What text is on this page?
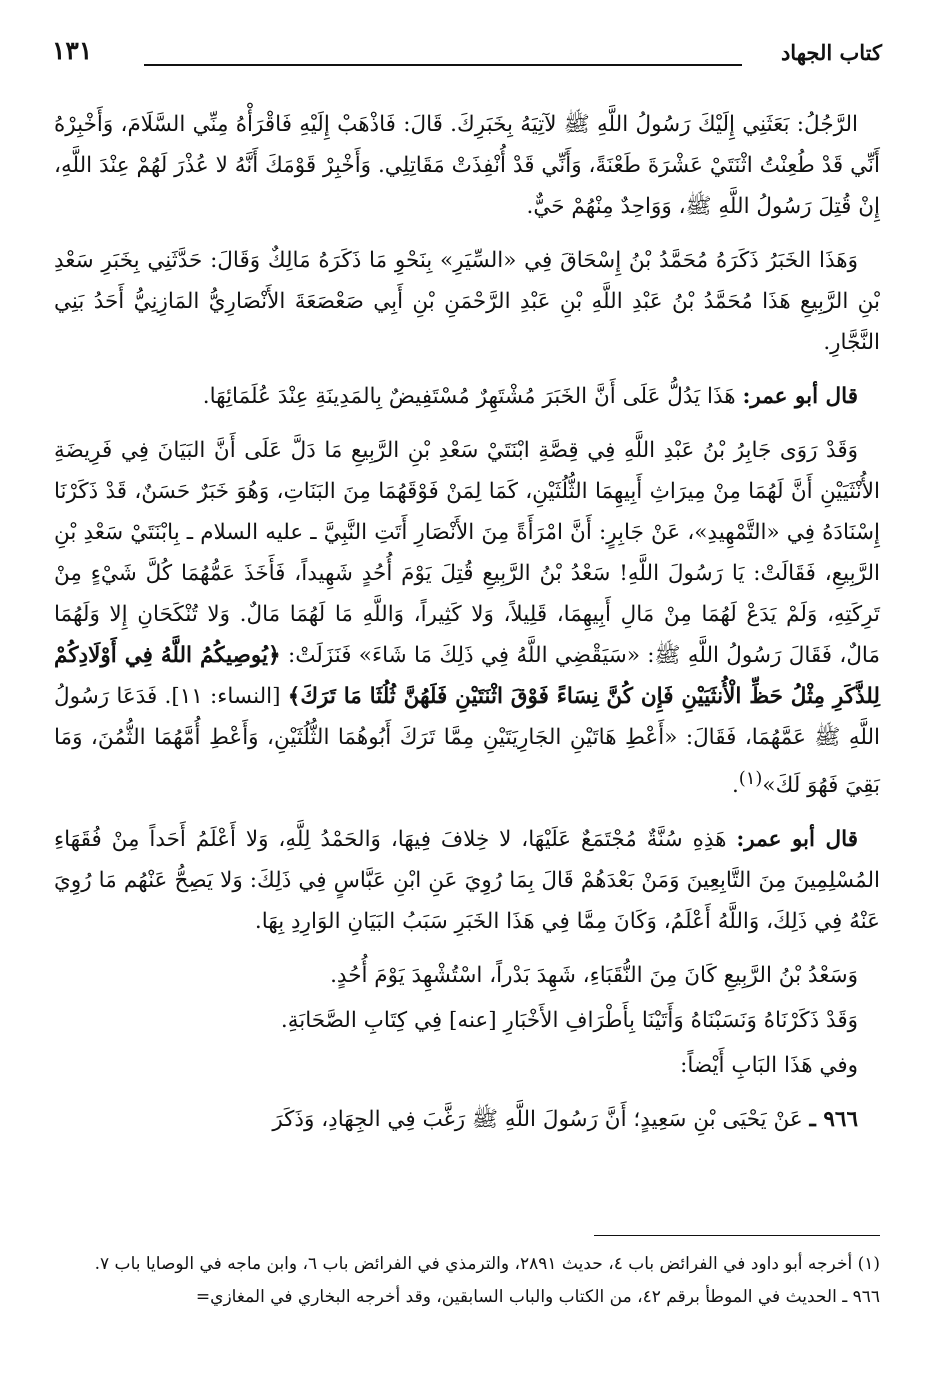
كتاب الجهاد
١٣١

الرَّجُلُ: بَعَثَنِي إِلَيْكَ رَسُولُ اللَّهِ ﷺ لآتِيَهُ بِخَبَرِكَ. قَالَ: فَاذْهَبْ إِلَيْهِ فَاقْرَأْهُ مِنِّي السَّلَامَ، وَأَخْبِرْهُ أَنِّي قَدْ طُعِنْتُ اثْنَتَيْ عَشْرَةَ طَعْنَةً، وَأَنِّي قَدْ أُنْفِذَتْ مَقَاتِلِي. وَأَخْبِرْ قَوْمَكَ أَنَّهُ لا عُذْرَ لَهُمْ عِنْدَ اللَّهِ، إِنْ قُتِلَ رَسُولُ اللَّهِ ﷺ، وَوَاحِدٌ مِنْهُمْ حَيٌّ.

وَهَذَا الخَبَرُ ذَكَرَهُ مُحَمَّدُ بْنُ إِسْحَاقَ فِي «السِّيَرِ» بِنَحْوِ مَا ذَكَرَهُ مَالِكٌ وَقَالَ: حَدَّثَنِي بِخَبَرِ سَعْدِ بْنِ الرَّبِيعِ هَذَا مُحَمَّدُ بْنُ عَبْدِ اللَّهِ بْنِ عَبْدِ الرَّحْمَنِ بْنِ أَبِي صَعْصَعَةَ الأَنْصَارِيُّ المَازِنِيُّ أَحَدُ بَنِي النَّجَّارِ.

قال أبو عمر: هَذَا يَدُلُّ عَلَى أَنَّ الخَبَرَ مُشْتَهِرٌ مُسْتَفِيضٌ بِالمَدِينَةِ عِنْدَ عُلَمَائِهَا.

وَقَدْ رَوَى جَابِرُ بْنُ عَبْدِ اللَّهِ فِي قِصَّةِ ابْنَتَيْ سَعْدِ بْنِ الرَّبِيعِ مَا دَلَّ عَلَى أَنَّ البَيَانَ فِي فَرِيضَةِ الأُنْثَيَيْنِ أَنَّ لَهُمَا مِنْ مِيرَاثِ أَبِيهِمَا الثُّلُثَيْنِ، كَمَا لِمَنْ فَوْقَهُمَا مِنَ البَنَاتِ، وَهُوَ خَبَرٌ حَسَنٌ، قَدْ ذَكَرْنَا إِسْنَادَهُ فِي «التَّمْهِيدِ»، عَنْ جَابِرٍ: أَنَّ امْرَأَةً مِنَ الأَنْصَارِ أَتَتِ النَّبِيَّ ـ عليه السلام ـ بِابْنَتَيْ سَعْدِ بْنِ الرَّبِيعِ، فَقَالَتْ: يَا رَسُولَ اللَّهِ! سَعْدُ بْنُ الرَّبِيعِ قُتِلَ يَوْمَ أُحُدٍ شَهِيداً، فَأَخَذَ عَمُّهُمَا كُلَّ شَيْءٍ مِنْ تَرِكَتِهِ، وَلَمْ يَدَعْ لَهُمَا مِنْ مَالِ أَبِيهِمَا، قَلِيلاً، وَلا كَثِيراً، وَاللَّهِ مَا لَهُمَا مَالٌ. وَلا تُنْكَحَانِ إِلا وَلَهُمَا مَالٌ، فَقَالَ رَسُولُ اللَّهِ ﷺ: «سَيَقْضِي اللَّهُ فِي ذَلِكَ مَا شَاءَ» فَنَزَلَتْ: ﴿يُوصِيكُمُ اللَّهُ فِي أَوْلَادِكُمْ لِلذَّكَرِ مِثْلُ حَظِّ الْأُنثَيَيْنِ فَإِن كُنَّ نِسَاءً فَوْقَ اثْنَتَيْنِ فَلَهُنَّ ثُلُثَا مَا تَرَكَ﴾ [النساء: ١١]. فَدَعَا رَسُولُ اللَّهِ ﷺ عَمَّهُمَا، فَقَالَ: «أَعْطِ هَاتَيْنِ الجَارِيَتَيْنِ مِمَّا تَرَكَ أَبُوهُمَا الثُّلُثَيْنِ، وَأَعْطِ أُمَّهُمَا الثُّمُنَ، وَمَا بَقِيَ فَهُوَ لَكَ»$^{(١)}$.

قال أبو عمر: هَذِهِ سُنَّةٌ مُجْتَمَعٌ عَلَيْهَا، لا خِلافَ فِيهَا، وَالحَمْدُ لِلَّهِ، وَلا أَعْلَمُ أَحَداً مِنْ فُقَهَاءِ المُسْلِمِينَ مِنَ التَّابِعِينَ وَمَنْ بَعْدَهُمْ قَالَ بِمَا رُوِيَ عَنِ ابْنِ عَبَّاسٍ فِي ذَلِكَ: وَلا يَصِحُّ عَنْهُم مَا رُوِيَ عَنْهُ فِي ذَلِكَ، وَاللَّهُ أَعْلَمُ، وَكَانَ مِمَّا فِي هَذَا الخَبَرِ سَبَبُ البَيَانِ الوَارِدِ بِهَا.

وَسَعْدُ بْنُ الرَّبِيعِ كَانَ مِنَ النُّقَبَاءِ، شَهِدَ بَدْراً، اسْتُشْهِدَ يَوْمَ أُحُدٍ.

وَقَدْ ذَكَرْنَاهُ وَنَسَبْنَاهُ وَأَتَيْنَا بِأَطْرَافِ الأَخْبَارِ [عنه] فِي كِتَابِ الصَّحَابَةِ.

وفي هَذَا البَابِ أَيْضاً:

٩٦٦ ـ عَنْ يَحْيَى بْنِ سَعِيدٍ؛ أَنَّ رَسُولَ اللَّهِ ﷺ رَغَّبَ فِي الجِهَادِ، وَذَكَرَ

(١) أخرجه أبو داود في الفرائض باب ٤، حديث ٢٨٩١، والترمذي في الفرائض باب ٦، وابن ماجه في الوصايا باب ٧.

٩٦٦ ـ الحديث في الموطأ برقم ٤٢، من الكتاب والباب السابقين، وقد أخرجه البخاري في المغازي=
